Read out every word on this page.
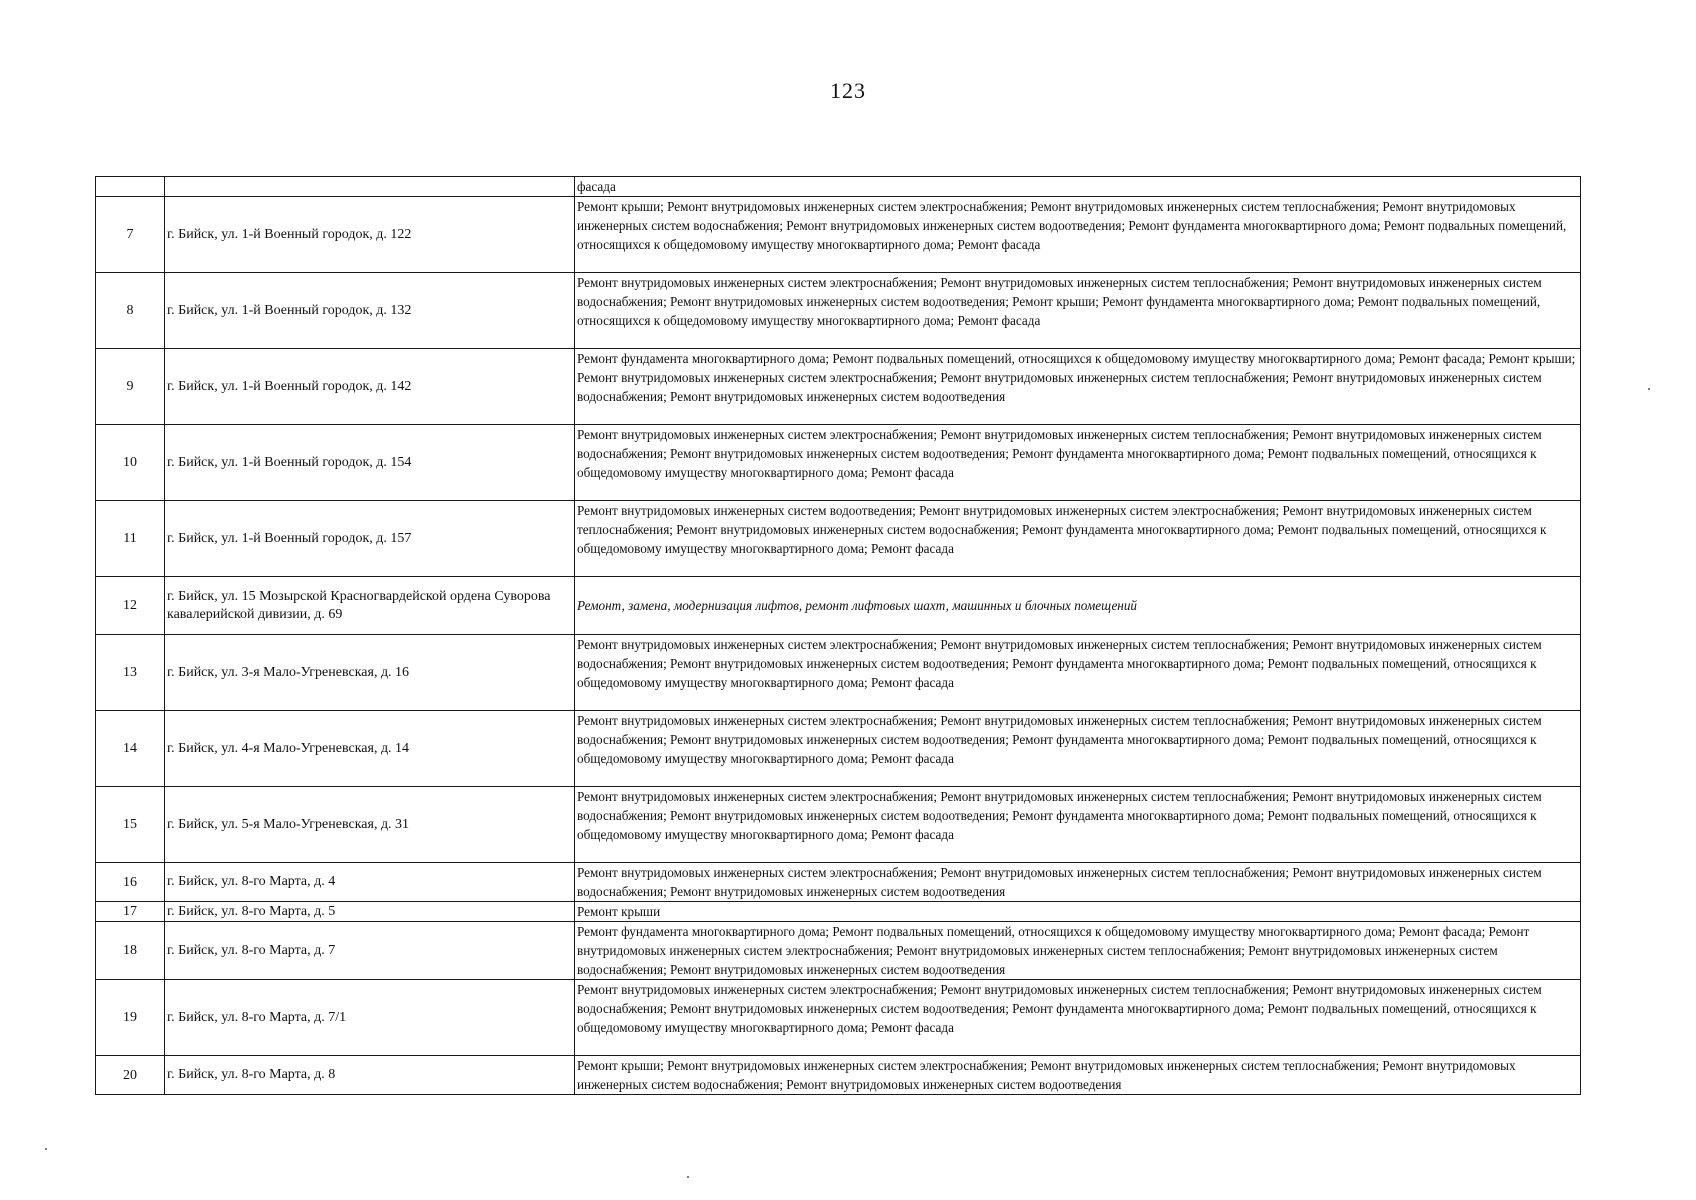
123
		фасада
7	г. Бийск, ул. 1-й Военный городок, д. 122	Ремонт крыши; Ремонт внутридомовых инженерных систем электроснабжения; Ремонт внутридомовых инженерных систем теплоснабжения; Ремонт внутридомовых инженерных систем водоснабжения; Ремонт внутридомовых инженерных систем водоотведения; Ремонт фундамента многоквартирного дома; Ремонт подвальных помещений, относящихся к общедомовому имуществу многоквартирного дома; Ремонт фасада
8	г. Бийск, ул. 1-й Военный городок, д. 132	Ремонт внутридомовых инженерных систем электроснабжения; Ремонт внутридомовых инженерных систем теплоснабжения; Ремонт внутридомовых инженерных систем водоснабжения; Ремонт внутридомовых инженерных систем водоотведения; Ремонт крыши; Ремонт фундамента многоквартирного дома; Ремонт подвальных помещений, относящихся к общедомовому имуществу многоквартирного дома; Ремонт фасада
9	г. Бийск, ул. 1-й Военный городок, д. 142	Ремонт фундамента многоквартирного дома; Ремонт подвальных помещений, относящихся к общедомовому имуществу многоквартирного дома; Ремонт фасада; Ремонт крыши; Ремонт внутридомовых инженерных систем электроснабжения; Ремонт внутридомовых инженерных систем теплоснабжения; Ремонт внутридомовых инженерных систем водоснабжения; Ремонт внутридомовых инженерных систем водоотведения
10	г. Бийск, ул. 1-й Военный городок, д. 154	Ремонт внутридомовых инженерных систем электроснабжения; Ремонт внутридомовых инженерных систем теплоснабжения; Ремонт внутридомовых инженерных систем водоснабжения; Ремонт внутридомовых инженерных систем водоотведения; Ремонт фундамента многоквартирного дома; Ремонт подвальных помещений, относящихся к общедомовому имуществу многоквартирного дома; Ремонт фасада
11	г. Бийск, ул. 1-й Военный городок, д. 157	Ремонт внутридомовых инженерных систем водоотведения; Ремонт внутридомовых инженерных систем электроснабжения; Ремонт внутридомовых инженерных систем теплоснабжения; Ремонт внутридомовых инженерных систем водоснабжения; Ремонт фундамента многоквартирного дома; Ремонт подвальных помещений, относящихся к общедомовому имуществу многоквартирного дома; Ремонт фасада
12	г. Бийск, ул. 15 Мозырской Красногвардейской ордена Суворова кавалерийской дивизии, д. 69	Ремонт, замена, модернизация лифтов, ремонт лифтовых шахт, машинных и блочных помещений
13	г. Бийск, ул. 3-я Мало-Угреневская, д. 16	Ремонт внутридомовых инженерных систем электроснабжения; Ремонт внутридомовых инженерных систем теплоснабжения; Ремонт внутридомовых инженерных систем водоснабжения; Ремонт внутридомовых инженерных систем водоотведения; Ремонт фундамента многоквартирного дома; Ремонт подвальных помещений, относящихся к общедомовому имуществу многоквартирного дома; Ремонт фасада
14	г. Бийск, ул. 4-я Мало-Угреневская, д. 14	Ремонт внутридомовых инженерных систем электроснабжения; Ремонт внутридомовых инженерных систем теплоснабжения; Ремонт внутридомовых инженерных систем водоснабжения; Ремонт внутридомовых инженерных систем водоотведения; Ремонт фундамента многоквартирного дома; Ремонт подвальных помещений, относящихся к общедомовому имуществу многоквартирного дома; Ремонт фасада
15	г. Бийск, ул. 5-я Мало-Угреневская, д. 31	Ремонт внутридомовых инженерных систем электроснабжения; Ремонт внутридомовых инженерных систем теплоснабжения; Ремонт внутридомовых инженерных систем водоснабжения; Ремонт внутридомовых инженерных систем водоотведения; Ремонт фундамента многоквартирного дома; Ремонт подвальных помещений, относящихся к общедомовому имуществу многоквартирного дома; Ремонт фасада
16	г. Бийск, ул. 8-го Марта, д. 4	Ремонт внутридомовых инженерных систем электроснабжения; Ремонт внутридомовых инженерных систем теплоснабжения; Ремонт внутридомовых инженерных систем водоснабжения; Ремонт внутридомовых инженерных систем водоотведения
17	г. Бийск, ул. 8-го Марта, д. 5	Ремонт крыши
18	г. Бийск, ул. 8-го Марта, д. 7	Ремонт фундамента многоквартирного дома; Ремонт подвальных помещений, относящихся к общедомовому имуществу многоквартирного дома; Ремонт фасада; Ремонт внутридомовых инженерных систем электроснабжения; Ремонт внутридомовых инженерных систем теплоснабжения; Ремонт внутридомовых инженерных систем водоснабжения; Ремонт внутридомовых инженерных систем водоотведения
19	г. Бийск, ул. 8-го Марта, д. 7/1	Ремонт внутридомовых инженерных систем электроснабжения; Ремонт внутридомовых инженерных систем теплоснабжения; Ремонт внутридомовых инженерных систем водоснабжения; Ремонт внутридомовых инженерных систем водоотведения; Ремонт фундамента многоквартирного дома; Ремонт подвальных помещений, относящихся к общедомовому имуществу многоквартирного дома; Ремонт фасада
20	г. Бийск, ул. 8-го Марта, д. 8	Ремонт крыши; Ремонт внутридомовых инженерных систем электроснабжения; Ремонт внутридомовых инженерных систем теплоснабжения; Ремонт внутридомовых инженерных систем водоснабжения; Ремонт внутридомовых инженерных систем водоотведения
